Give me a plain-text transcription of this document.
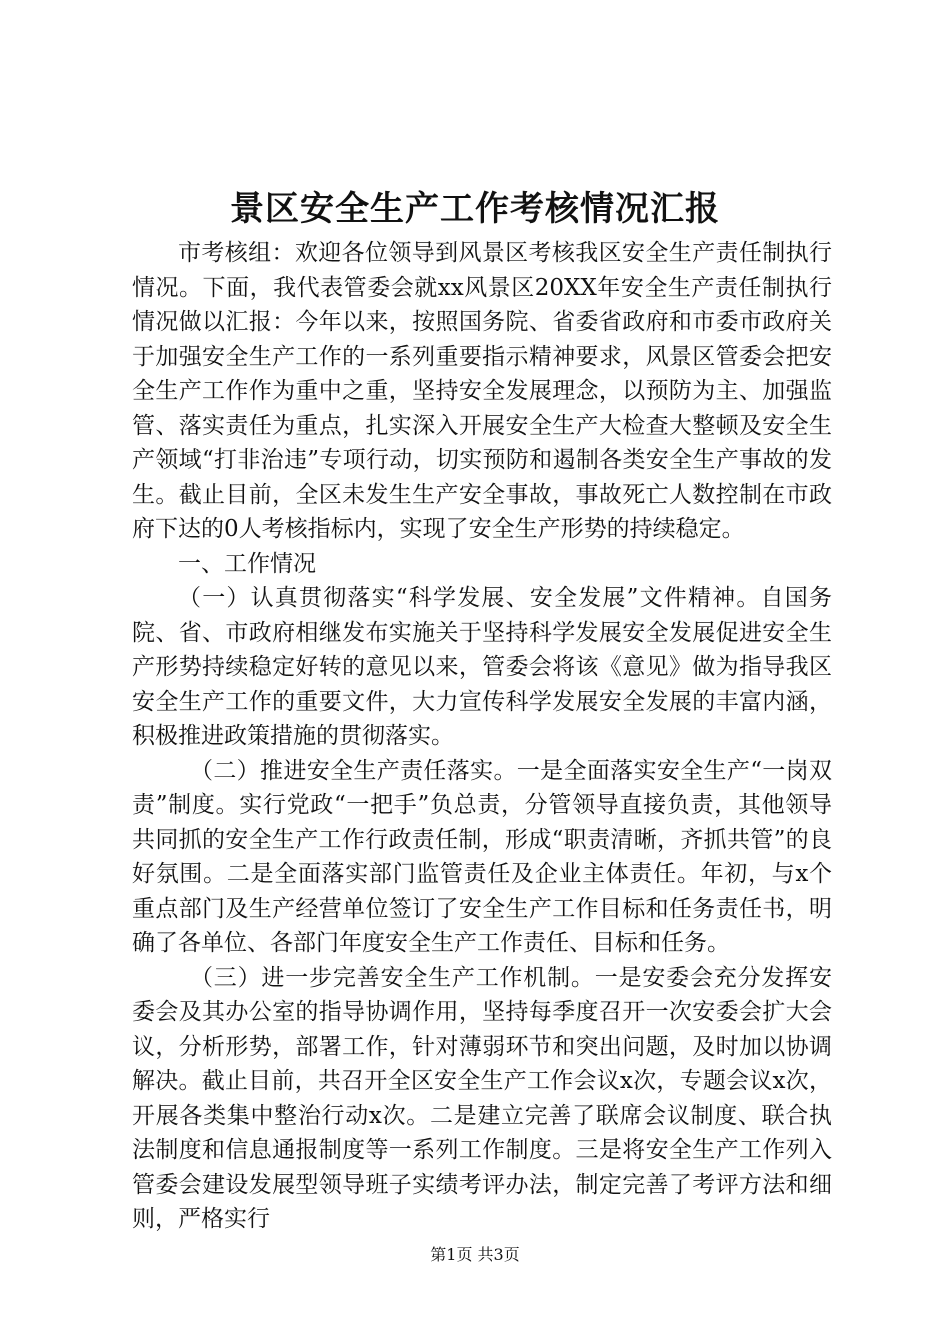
景区安全生产工作考核情况汇报

市考核组：欢迎各位领导到风景区考核我区安全生产责任制执行情况。下面，我代表管委会就xx风景区20XX年安全生产责任制执行情况做以汇报：今年以来，按照国务院、省委省政府和市委市政府关于加强安全生产工作的一系列重要指示精神要求，风景区管委会把安全生产工作作为重中之重，坚持安全发展理念，以预防为主、加强监管、落实责任为重点，扎实深入开展安全生产大检查大整顿及安全生产领域“打非治违”专项行动，切实预防和遏制各类安全生产事故的发生。截止目前，全区未发生生产安全事故，事故死亡人数控制在市政府下达的0人考核指标内，实现了安全生产形势的持续稳定。

一、工作情况

（一）认真贯彻落实“科学发展、安全发展”文件精神。自国务院、省、市政府相继发布实施关于坚持科学发展安全发展促进安全生产形势持续稳定好转的意见以来，管委会将该《意见》做为指导我区安全生产工作的重要文件，大力宣传科学发展安全发展的丰富内涵，积极推进政策措施的贯彻落实。

（二）推进安全生产责任落实。一是全面落实安全生产“一岗双责”制度。实行党政“一把手”负总责，分管领导直接负责，其他领导共同抓的安全生产工作行政责任制，形成“职责清晰，齐抓共管”的良好氛围。二是全面落实部门监管责任及企业主体责任。年初，与x个重点部门及生产经营单位签订了安全生产工作目标和任务责任书，明确了各单位、各部门年度安全生产工作责任、目标和任务。

（三）进一步完善安全生产工作机制。一是安委会充分发挥安委会及其办公室的指导协调作用，坚持每季度召开一次安委会扩大会议，分析形势，部署工作，针对薄弱环节和突出问题，及时加以协调解决。截止目前，共召开全区安全生产工作会议x次，专题会议x次，开展各类集中整治行动x次。二是建立完善了联席会议制度、联合执法制度和信息通报制度等一系列工作制度。三是将安全生产工作列入管委会建设发展型领导班子实绩考评办法，制定完善了考评方法和细则，严格实行

第1页 共3页
